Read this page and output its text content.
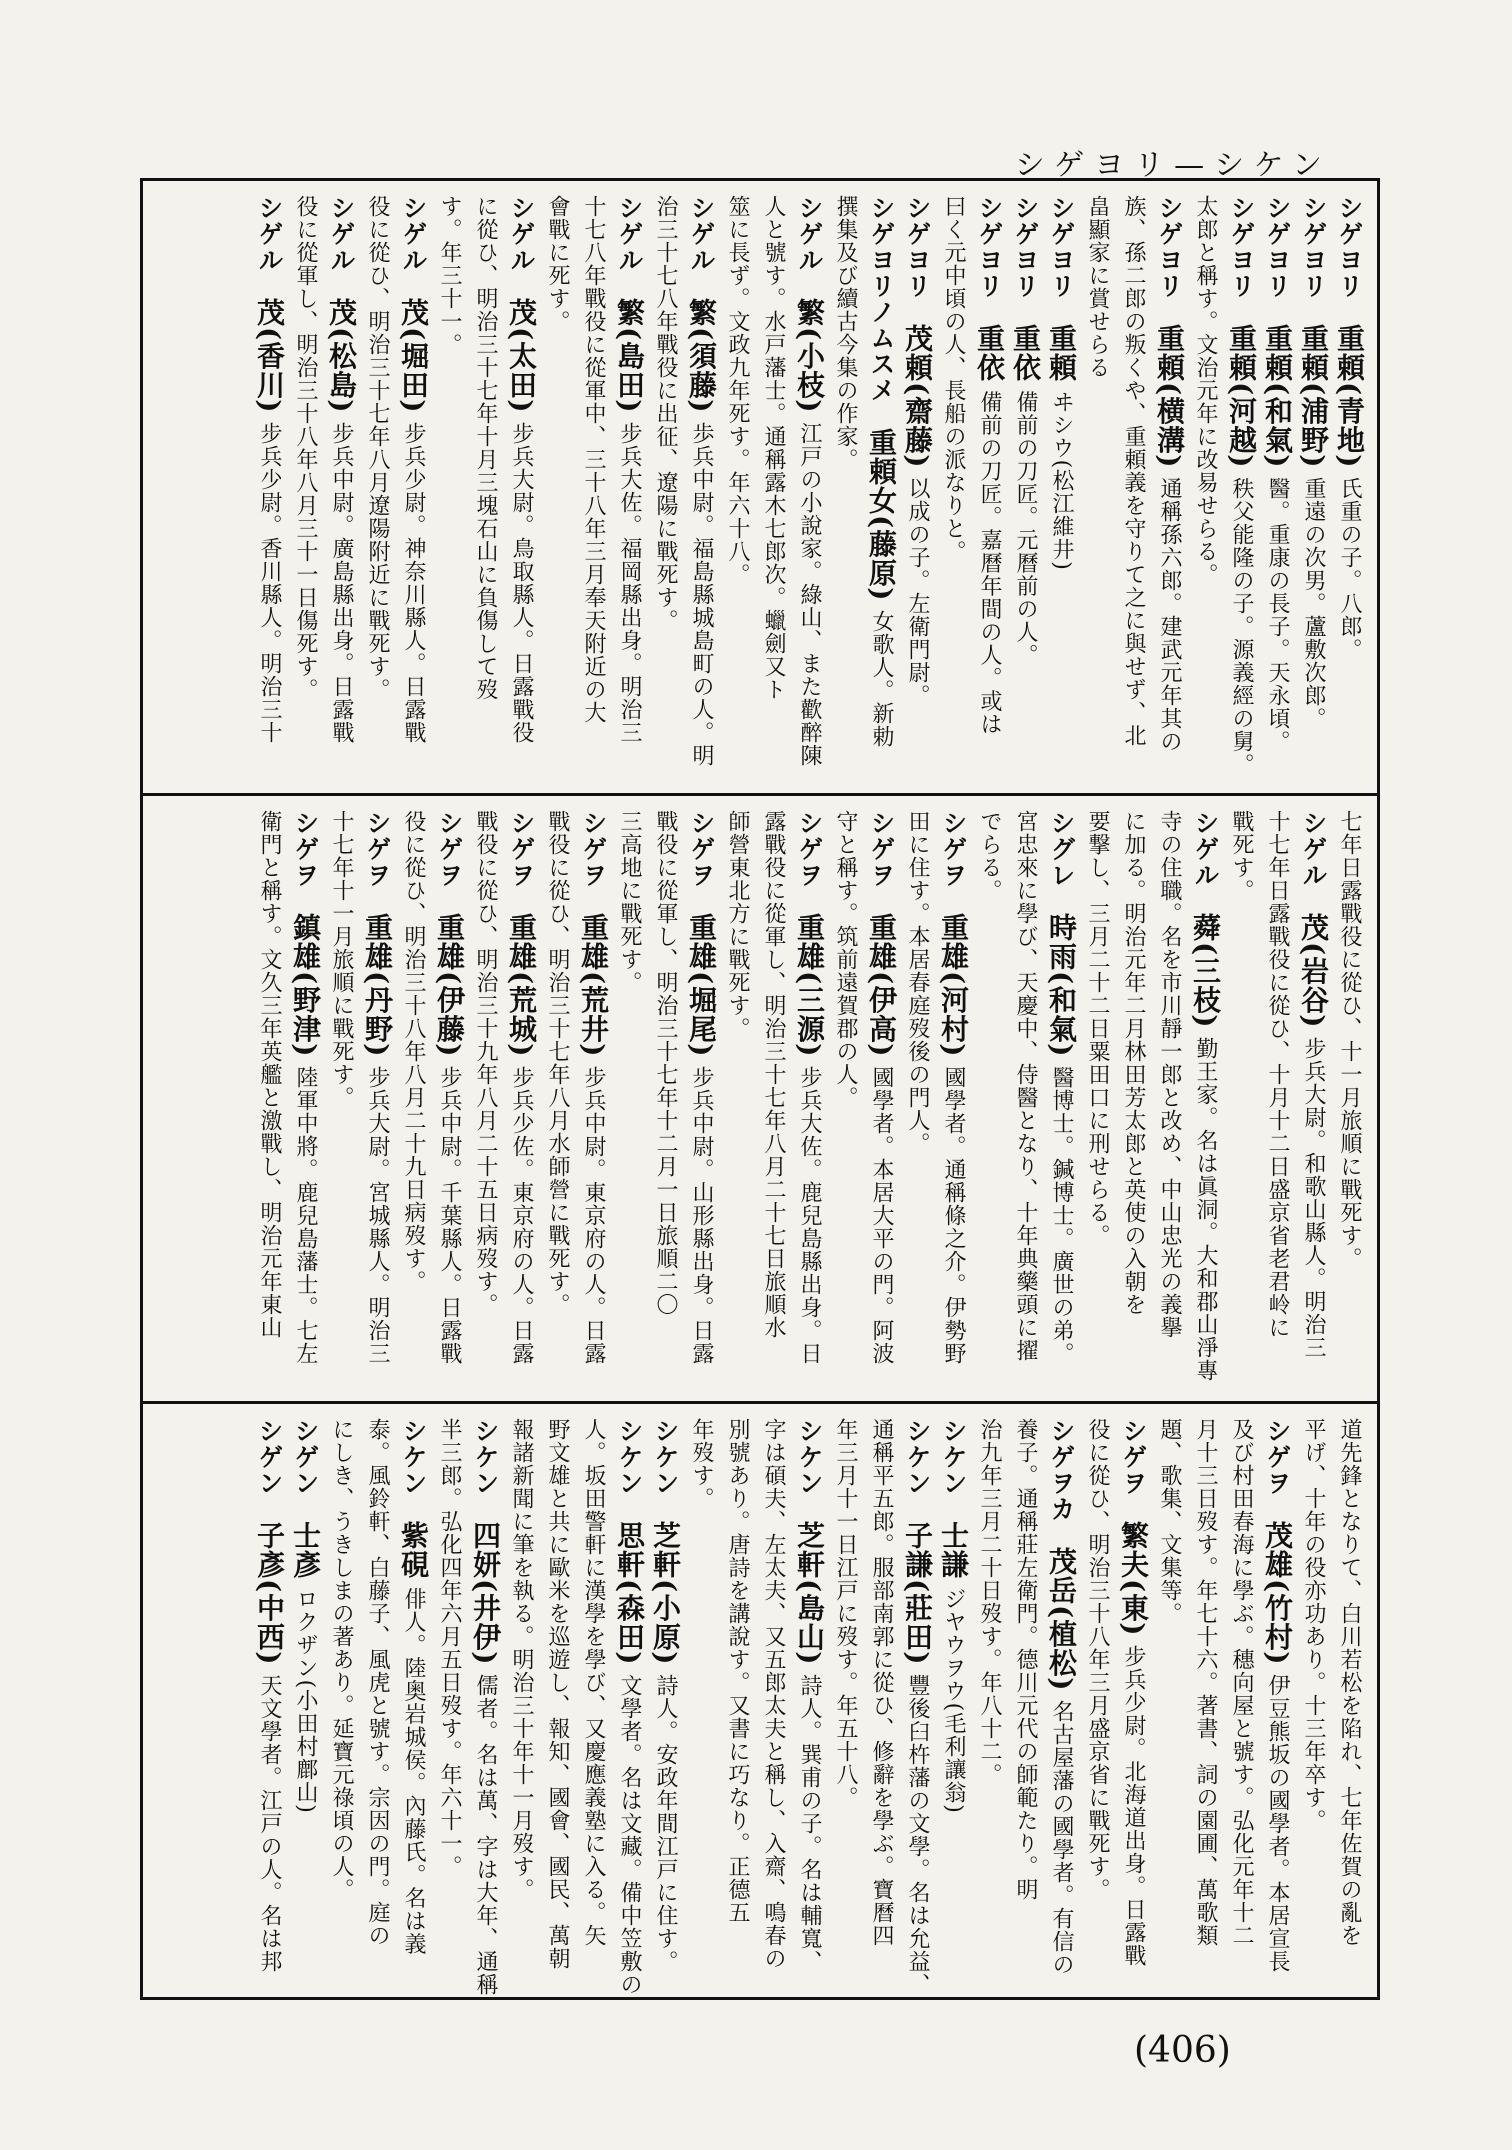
シゲヨリ—シケン
シゲヨリ　重頼(青地) 氏重の子。八郎。
シゲヨリ　重頼(浦野) 重遠の次男。蘆敷次郎。
シゲヨリ　重頼(和氣) 醫。重康の長子。天永頃。
シゲヨリ　重頼(河越) 秩父能隆の子。源義經の舅。
太郎と稱す。文治元年に改易せらる。
シゲヨリ　重頼(横溝) 通稱孫六郎。建武元年其の
族、孫二郎の叛くや、重頼義を守りて之に與せず、北
畠顯家に賞せらる
シゲヨリ　重頼 ヰシウ(松江維井)
シゲヨリ　重依 備前の刀匠。元曆前の人。
シゲヨリ　重依 備前の刀匠。嘉曆年間の人。或は
曰く元中頃の人、長船の派なりと。
シゲヨリ　茂頼(齋藤) 以成の子。左衛門尉。
シゲヨリノムスメ　重頼女(藤原) 女歌人。新勅
撰集及び續古今集の作家。
シゲル　繁(小枝) 江戸の小說家。綠山、また歡醉陳
人と號す。水戸藩士。通稱露木七郎次。蠟劍又ト
筮に長ず。文政九年死す。年六十八。
シゲル　繁(須藤) 歩兵中尉。福島縣城島町の人。明
治三十七八年戰役に出征、遼陽に戰死す。
シゲル　繁(島田) 步兵大佐。福岡縣出身。明治三
十七八年戰役に從軍中、三十八年三月奉天附近の大
會戰に死す。
シゲル　茂(太田) 步兵大尉。鳥取縣人。日露戰役
に從ひ、明治三十七年十月三塊石山に負傷して歿
す。年三十一。
シゲル　茂(堀田) 步兵少尉。神奈川縣人。日露戰
役に從ひ、明治三十七年八月遼陽附近に戰死す。
シゲル　茂(松島) 步兵中尉。廣島縣出身。日露戰
役に從軍し、明治三十八年八月三十一日傷死す。
シゲル　茂(香川) 步兵少尉。香川縣人。明治三十
七年日露戰役に從ひ、十一月旅順に戰死す。
シゲル　茂(岩谷) 步兵大尉。和歌山縣人。明治三
十七年日露戰役に從ひ、十月十二日盛京省老君岭に
戰死す。
シゲル　蕣(三枝) 勤王家。名は眞洞。大和郡山淨專
寺の住職。名を市川靜一郎と改め、中山忠光の義擧
に加る。明治元年二月林田芳太郎と英使の入朝を
要撃し、三月二十二日粟田口に刑せらる。
シグレ　時雨(和氣) 醫博士。鍼博士。廣世の弟。
宮忠來に學び、天慶中、侍醫となり、十年典藥頭に擢
でらる。
シゲヲ　重雄(河村) 國學者。通稱條之介。伊勢野
田に住す。本居春庭歿後の門人。
シゲヲ　重雄(伊高) 國學者。本居大平の門。阿波
守と稱す。筑前遠賀郡の人。
シゲヲ　重雄(三源) 步兵大佐。鹿兒島縣出身。日
露戰役に從軍し、明治三十七年八月二十七日旅順水
師營東北方に戰死す。
シゲヲ　重雄(堀尾) 步兵中尉。山形縣出身。日露
戰役に從軍し、明治三十七年十二月一日旅順二〇
三高地に戰死す。
シゲヲ　重雄(荒井) 步兵中尉。東京府の人。日露
戰役に從ひ、明治三十七年八月水師營に戰死す。
シゲヲ　重雄(荒城) 步兵少佐。東京府の人。日露
戰役に從ひ、明治三十九年八月二十五日病歿す。
シゲヲ　重雄(伊藤) 步兵中尉。千葉縣人。日露戰
役に從ひ、明治三十八年八月二十九日病歿す。
シゲヲ　重雄(丹野) 步兵大尉。宮城縣人。明治三
十七年十一月旅順に戰死す。
シゲヲ　鎮雄(野津) 陸軍中將。鹿兒島藩士。七左
衛門と稱す。文久三年英艦と激戰し、明治元年東山
道先鋒となりて、白川若松を陷れ、七年佐賀の亂を
平げ、十年の役亦功あり。十三年卒す。
シゲヲ　茂雄(竹村) 伊豆熊坂の國學者。本居宣長
及び村田春海に學ぶ。穗向屋と號す。弘化元年十二
月十三日歿す。年七十六。著書、詞の園圃、萬歌類
題、歌集、文集等。
シゲヲ　繁夫(東) 步兵少尉。北海道出身。日露戰
役に從ひ、明治三十八年三月盛京省に戰死す。
シゲヲカ　茂岳(植松) 名古屋藩の國學者。有信の
養子。通稱莊左衛門。德川元代の師範たり。明
治九年三月二十日歿す。年八十二。
シケン　士謙 ジヤウヲウ(毛利讓翁)
シケン　子謙(莊田) 豐後臼杵藩の文學。名は允益、
通稱平五郎。服部南郭に從ひ、修辭を學ぶ。寶曆四
年三月十一日江戸に歿す。年五十八。
シケン　芝軒(島山) 詩人。巽甫の子。名は輔寬、
字は碩夫、左太夫、又五郎太夫と稱し、入齋、鳴春の
別號あり。唐詩を講說す。又書に巧なり。正德五
年歿す。
シケン　芝軒(小原) 詩人。安政年間江戸に住す。
シケン　思軒(森田) 文學者。名は文藏。備中笠敷の
人。坂田警軒に漢學を學び、又慶應義塾に入る。矢
野文雄と共に歐米を巡遊し、報知、國會、國民、萬朝
報諸新聞に筆を執る。明治三十年十一月歿す。
シケン　四妍(井伊) 儒者。名は萬、字は大年、通稱
半三郎。弘化四年六月五日歿す。年六十一。
シケン　紫硯 俳人。陸奥岩城侯。內藤氏。名は義
泰。風鈴軒、白藤子、風虎と號す。宗因の門。庭の
にしき、うきしまの著あり。延寶元祿頃の人。
シゲン　士彥 ロクザン(小田村鄜山)
シゲン　子彥(中西) 天文學者。江戸の人。名は邦
(406)
